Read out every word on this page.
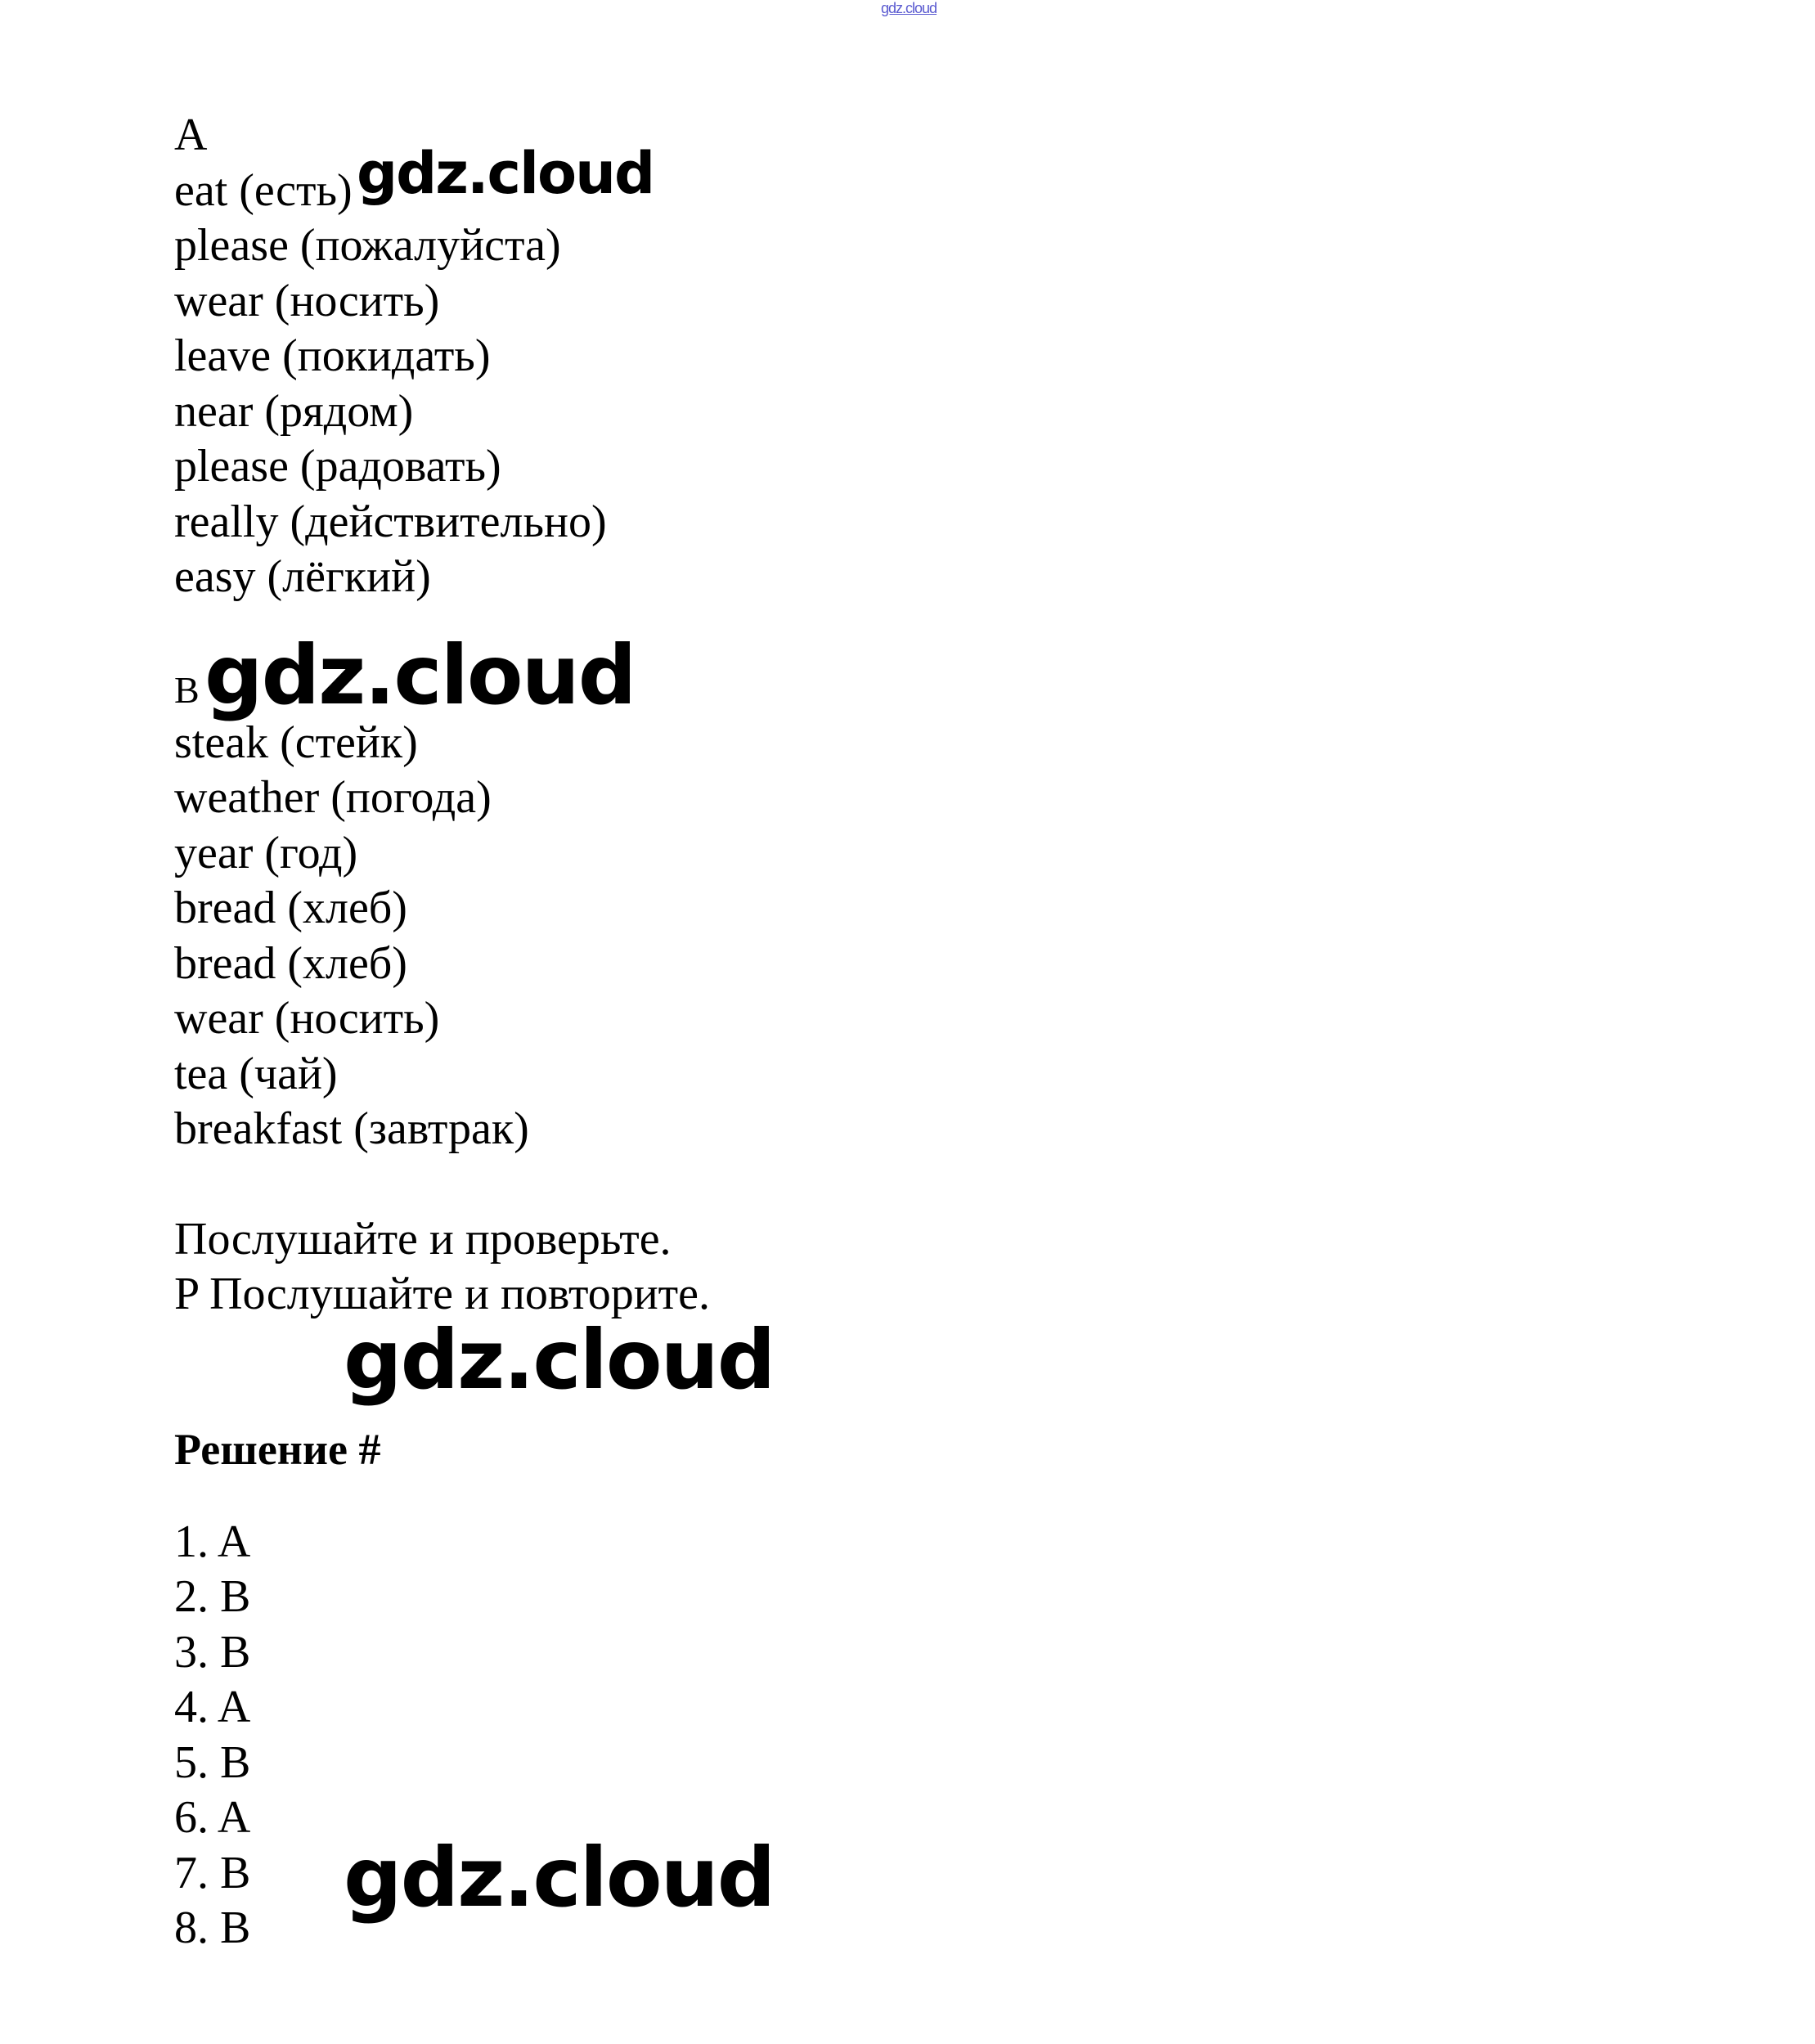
gdz.cloud
A
eat (есть)
please (пожалуйста)
wear (носить)
leave (покидать)
near (рядом)
please (радовать)
really (действительно)
easy (лёгкий)
B
steak (стейк)
weather (погода)
year (год)
bread (хлеб)
bread (хлеб)
wear (носить)
tea (чай)
breakfast (завтрак)
Послушайте и проверьте.
P Послушайте и повторите.
Решение #
1. A
2. B
3. B
4. A
5. B
6. A
7. B
8. B
gdz.cloud
gdz.cloud
gdz.cloud
gdz.cloud
